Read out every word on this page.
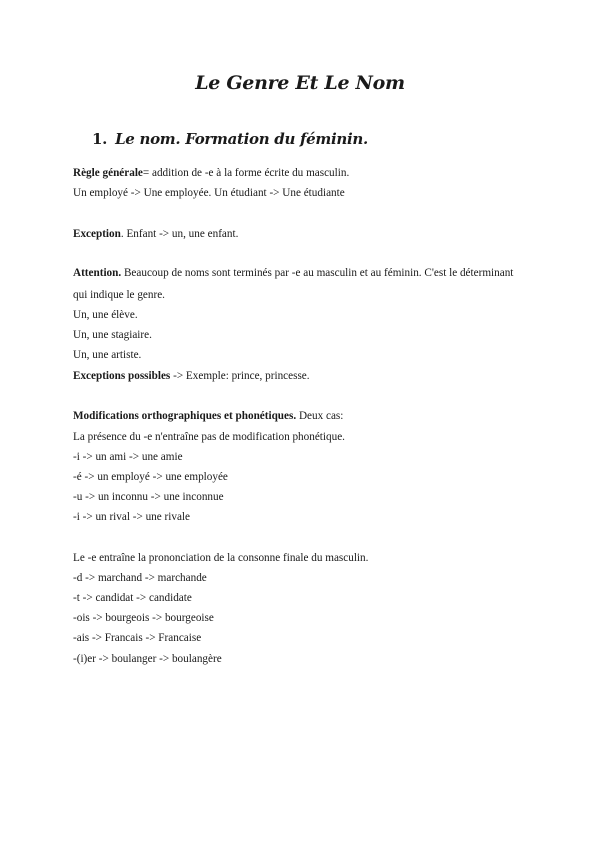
Le Genre Et Le Nom
1. Le nom. Formation du féminin.
Règle générale= addition de -e à la forme écrite du masculin.
Un employé -> Une employée. Un étudiant -> Une étudiante
Exception. Enfant -> un, une enfant.
Attention. Beaucoup de noms sont terminés par -e au masculin et au féminin. C'est le déterminant
qui indique le genre.
Un, une élève.
Un, une stagiaire.
Un, une artiste.
Exceptions possibles -> Exemple: prince, princesse.
Modifications orthographiques et phonétiques. Deux cas:
La présence du -e n'entraîne pas de modification phonétique.
-i -> un ami -> une amie
-é -> un employé -> une employée
-u -> un inconnu -> une inconnue
-i -> un rival -> une rivale
Le -e entraîne la prononciation de la consonne finale du masculin.
-d -> marchand -> marchande
-t -> candidat -> candidate
-ois -> bourgeois -> bourgeoise
-ais -> Francais -> Francaise
-(i)er -> boulanger -> boulangère
